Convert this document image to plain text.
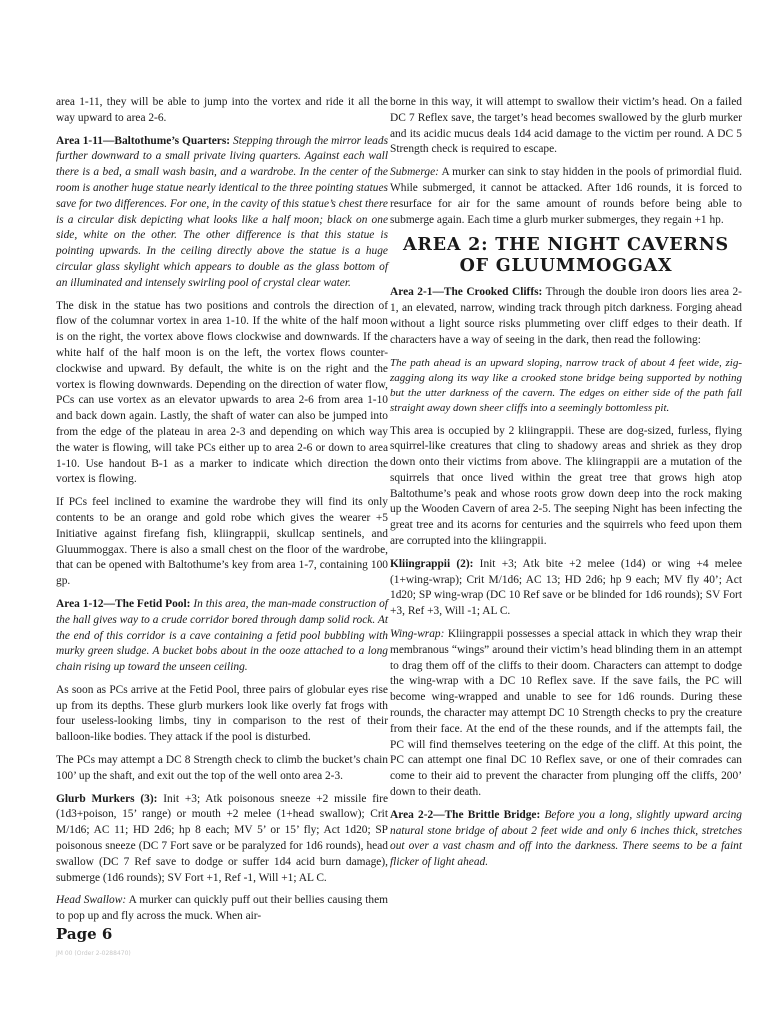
area 1-11, they will be able to jump into the vortex and ride it all the way upward to area 2-6.

Area 1-11—Baltothume’s Quarters: Stepping through the mirror leads further downward to a small private living quarters. Against each wall there is a bed, a small wash basin, and a wardrobe. In the center of the room is another huge statue nearly identical to the three pointing statues save for two differences. For one, in the cavity of this statue’s chest there is a circular disk depicting what looks like a half moon; black on one side, white on the other. The other difference is that this statue is pointing upwards. In the ceiling directly above the statue is a huge circular glass skylight which appears to double as the glass bottom of an illuminated and intensely swirling pool of crystal clear water.

The disk in the statue has two positions and controls the direction of flow of the columnar vortex in area 1-10. If the white of the half moon is on the right, the vortex above flows clockwise and downwards. If the white half of the half moon is on the left, the vortex flows counter-clockwise and upward. By default, the white is on the right and the vortex is flowing downwards. Depending on the direction of water flow, PCs can use vortex as an elevator upwards to area 2-6 from area 1-10 and back down again. Lastly, the shaft of water can also be jumped into from the edge of the plateau in area 2-3 and depending on which way the water is flowing, will take PCs either up to area 2-6 or down to area 1-10. Use handout B-1 as a marker to indicate which direction the vortex is flowing.

If PCs feel inclined to examine the wardrobe they will find its only contents to be an orange and gold robe which gives the wearer +5 Initiative against firefang fish, kliingrappii, skullcap sentinels, and Gluummoggax. There is also a small chest on the floor of the wardrobe, that can be opened with Baltothume’s key from area 1-7, containing 100 gp.

Area 1-12—The Fetid Pool: In this area, the man-made construction of the hall gives way to a crude corridor bored through damp solid rock. At the end of this corridor is a cave containing a fetid pool bubbling with murky green sludge. A bucket bobs about in the ooze attached to a long chain rising up toward the unseen ceiling.

As soon as PCs arrive at the Fetid Pool, three pairs of globular eyes rise up from its depths. These glurb murkers look like overly fat frogs with four useless-looking limbs, tiny in comparison to the rest of their balloon-like bodies. They attack if the pool is disturbed.

The PCs may attempt a DC 8 Strength check to climb the bucket’s chain 100’ up the shaft, and exit out the top of the well onto area 2-3.

Glurb Murkers (3): Init +3; Atk poisonous sneeze +2 missile fire (1d3+poison, 15’ range) or mouth +2 melee (1+head swallow); Crit M/1d6; AC 11; HD 2d6; hp 8 each; MV 5’ or 15’ fly; Act 1d20; SP poisonous sneeze (DC 7 Fort save or be paralyzed for 1d6 rounds), head swallow (DC 7 Ref save to dodge or suffer 1d4 acid burn damage), submerge (1d6 rounds); SV Fort +1, Ref -1, Will +1; AL C.

Head Swallow: A murker can quickly puff out their bellies causing them to pop up and fly across the muck. When air-

borne in this way, it will attempt to swallow their victim’s head. On a failed DC 7 Reflex save, the target’s head becomes swallowed by the glurb murker and its acidic mucus deals 1d4 acid damage to the victim per round. A DC 5 Strength check is required to escape.

Submerge: A murker can sink to stay hidden in the pools of primordial fluid. While submerged, it cannot be attacked. After 1d6 rounds, it is forced to resurface for air for the same amount of rounds before being able to submerge again. Each time a glurb murker submerges, they regain +1 hp.

AREA 2: THE NIGHT CAVERNS
OF GLUUMMOGGAX

Area 2-1—The Crooked Cliffs: Through the double iron doors lies area 2-1, an elevated, narrow, winding track through pitch darkness. Forging ahead without a light source risks plummeting over cliff edges to their death. If characters have a way of seeing in the dark, then read the following:

The path ahead is an upward sloping, narrow track of about 4 feet wide, zig-zagging along its way like a crooked stone bridge being supported by nothing but the utter darkness of the cavern. The edges on either side of the path fall straight away down sheer cliffs into a seemingly bottomless pit.

This area is occupied by 2 kliingrappii. These are dog-sized, furless, flying squirrel-like creatures that cling to shadowy areas and shriek as they drop down onto their victims from above. The kliingrappii are a mutation of the squirrels that once lived within the great tree that grows high atop Baltothume’s peak and whose roots grow down deep into the rock making up the Wooden Cavern of area 2-5. The seeping Night has been infecting the great tree and its acorns for centuries and the squirrels who feed upon them are corrupted into the kliingrappii.

Kliingrappii (2): Init +3; Atk bite +2 melee (1d4) or wing +4 melee (1+wing-wrap); Crit M/1d6; AC 13; HD 2d6; hp 9 each; MV fly 40’; Act 1d20; SP wing-wrap (DC 10 Ref save or be blinded for 1d6 rounds); SV Fort +3, Ref +3, Will -1; AL C.

Wing-wrap: Kliingrappii possesses a special attack in which they wrap their membranous “wings” around their victim’s head blinding them in an attempt to drag them off of the cliffs to their doom. Characters can attempt to dodge the wing-wrap with a DC 10 Reflex save. If the save fails, the PC will become wing-wrapped and unable to see for 1d6 rounds. During these rounds, the character may attempt DC 10 Strength checks to pry the creature from their face. At the end of the these rounds, and if the attempts fail, the PC will find themselves teetering on the edge of the cliff. At this point, the PC can attempt one final DC 10 Reflex save, or one of their comrades can come to their aid to prevent the character from plunging off the cliffs, 200’ down to their death.

Area 2-2—The Brittle Bridge: Before you a long, slightly upward arcing natural stone bridge of about 2 feet wide and only 6 inches thick, stretches out over a vast chasm and off into the darkness. There seems to be a faint flicker of light ahead.

Page 6
JM 00 (Order 2-0288470)
